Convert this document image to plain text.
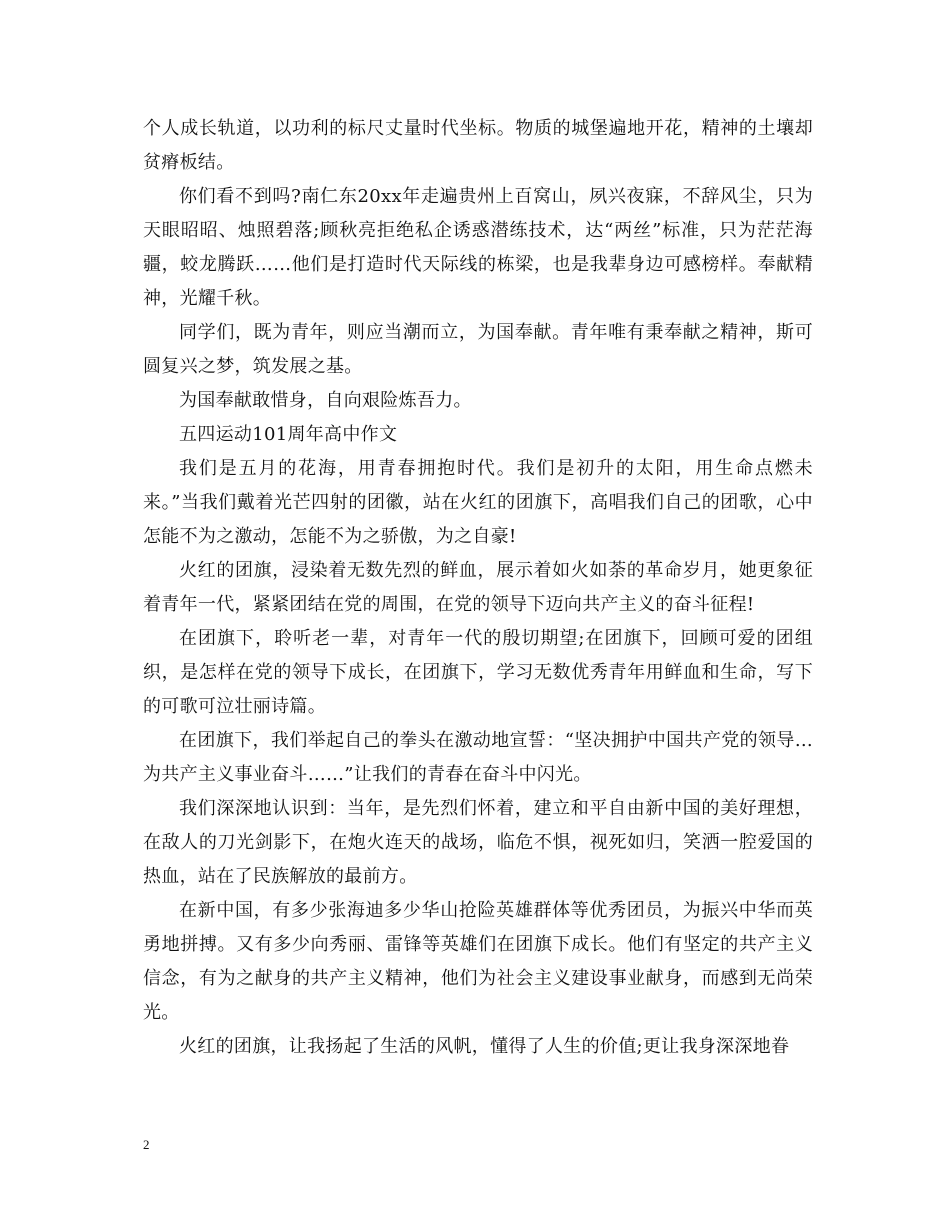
个人成长轨道，以功利的标尺丈量时代坐标。物质的城堡遍地开花，精神的土壤却贫瘠板结。

你们看不到吗?南仁东20xx年走遍贵州上百窝山，夙兴夜寐，不辞风尘，只为天眼昭昭、烛照碧落;顾秋亮拒绝私企诱惑潜练技术，达“两丝”标准，只为茫茫海疆，蛟龙腾跃……他们是打造时代天际线的栋梁，也是我辈身边可感榜样。奉献精神，光耀千秋。

同学们，既为青年，则应当潮而立，为国奉献。青年唯有秉奉献之精神，斯可圆复兴之梦，筑发展之基。

为国奉献敢惜身，自向艰险炼吾力。

五四运动101周年高中作文

我们是五月的花海，用青春拥抱时代。我们是初升的太阳，用生命点燃未来。”当我们戴着光芒四射的团徽，站在火红的团旗下，高唱我们自己的团歌，心中怎能不为之激动，怎能不为之骄傲，为之自豪!

火红的团旗，浸染着无数先烈的鲜血，展示着如火如荼的革命岁月，她更象征着青年一代，紧紧团结在党的周围，在党的领导下迈向共产主义的奋斗征程!

在团旗下，聆听老一辈，对青年一代的殷切期望;在团旗下，回顾可爱的团组织，是怎样在党的领导下成长，在团旗下，学习无数优秀青年用鲜血和生命，写下的可歌可泣壮丽诗篇。

在团旗下，我们举起自己的拳头在激动地宣誓：“坚决拥护中国共产党的领导…为共产主义事业奋斗……”让我们的青春在奋斗中闪光。

我们深深地认识到：当年，是先烈们怀着，建立和平自由新中国的美好理想，在敌人的刀光剑影下，在炮火连天的战场，临危不惧，视死如归，笑洒一腔爱国的热血，站在了民族解放的最前方。

在新中国，有多少张海迪多少华山抢险英雄群体等优秀团员，为振兴中华而英勇地拼搏。又有多少向秀丽、雷锋等英雄们在团旗下成长。他们有坚定的共产主义信念，有为之献身的共产主义精神，他们为社会主义建设事业献身，而感到无尚荣光。

火红的团旗，让我扬起了生活的风帆，懂得了人生的价值;更让我身深深地眷

2
